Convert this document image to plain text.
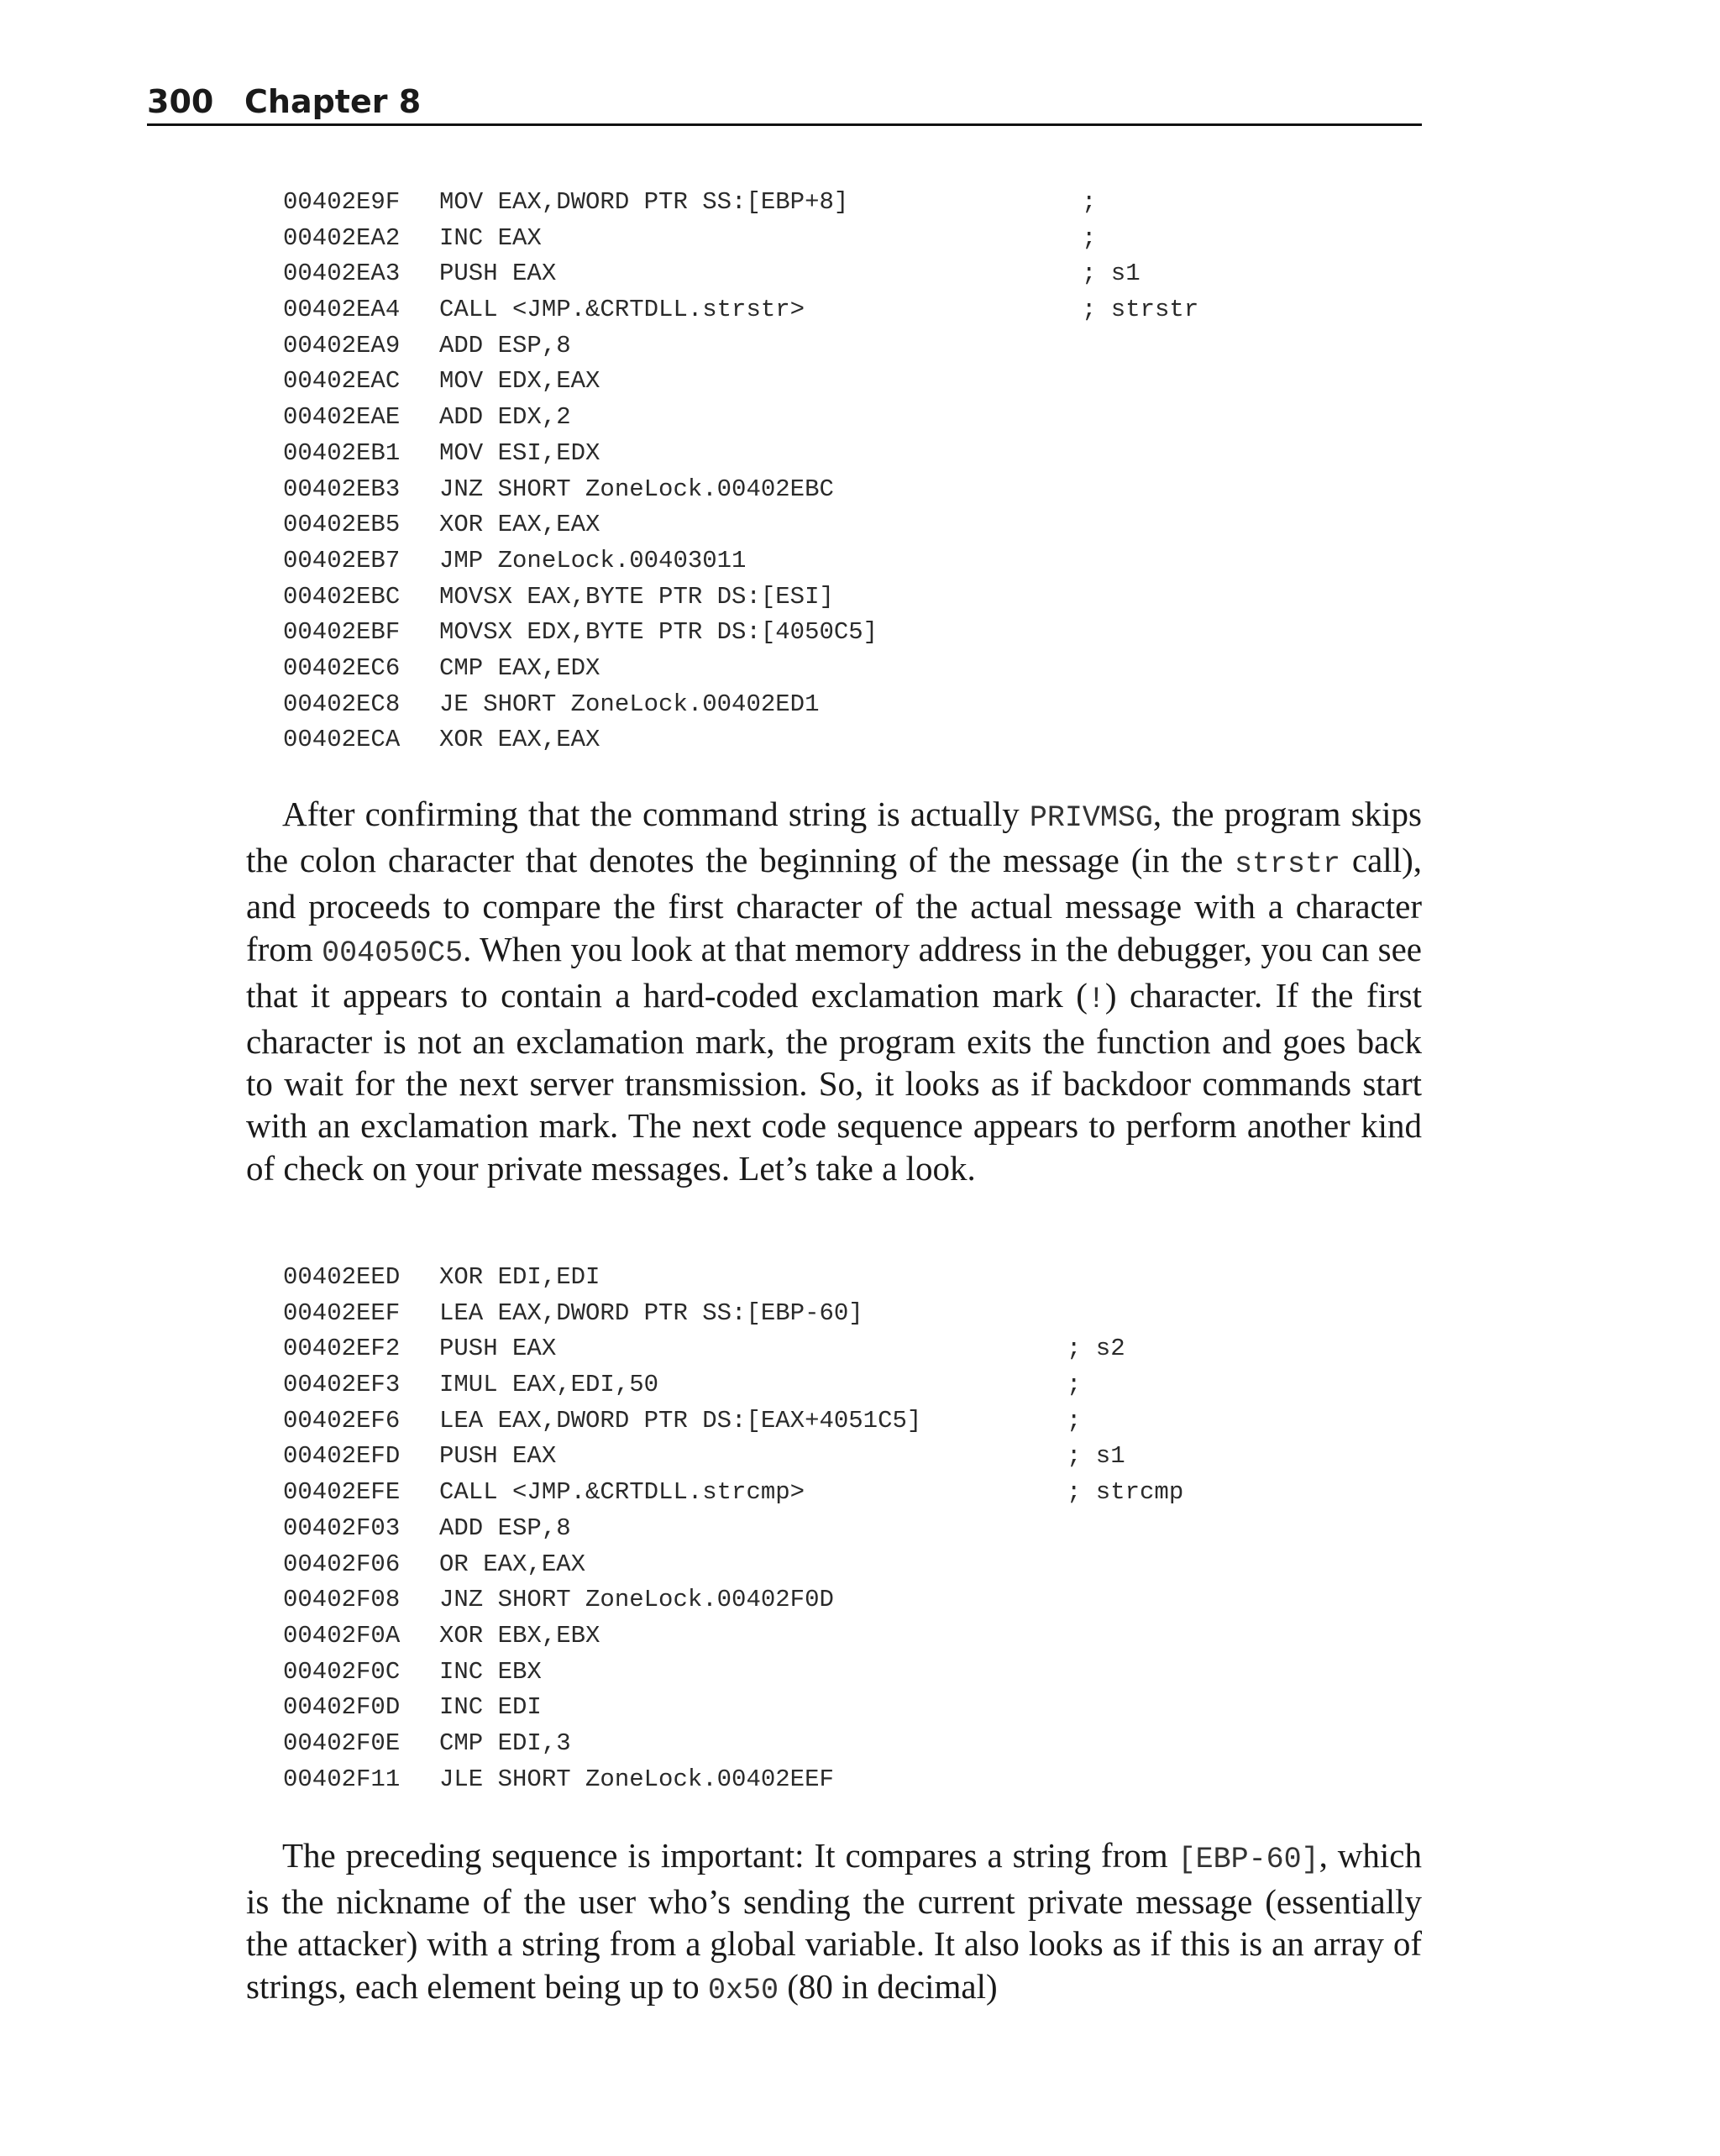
300 Chapter 8
00402E9F MOV EAX,DWORD PTR SS:[EBP+8]	;
00402EA2 INC EAX	;
00402EA3 PUSH EAX	; s1
00402EA4 CALL <JMP.&CRTDLL.strstr>	; strstr
00402EA9 ADD ESP,8
00402EAC MOV EDX,EAX
00402EAE ADD EDX,2
00402EB1 MOV ESI,EDX
00402EB3 JNZ SHORT ZoneLock.00402EBC
00402EB5 XOR EAX,EAX
00402EB7 JMP ZoneLock.00403011
00402EBC MOVSX EAX,BYTE PTR DS:[ESI]
00402EBF MOVSX EDX,BYTE PTR DS:[4050C5]
00402EC6 CMP EAX,EDX
00402EC8 JE SHORT ZoneLock.00402ED1
00402ECA XOR EAX,EAX

After confirming that the command string is actually PRIVMSG, the program skips the colon character that denotes the beginning of the message (in the strstr call), and proceeds to compare the first character of the actual message with a character from 004050C5. When you look at that memory address in the debugger, you can see that it appears to contain a hard-coded exclamation mark (!) character. If the first character is not an exclamation mark, the program exits the function and goes back to wait for the next server transmission. So, it looks as if backdoor commands start with an exclamation mark. The next code sequence appears to perform another kind of check on your private messages. Let’s take a look.

00402EED XOR EDI,EDI
00402EEF LEA EAX,DWORD PTR SS:[EBP-60]
00402EF2 PUSH EAX	; s2
00402EF3 IMUL EAX,EDI,50	;
00402EF6 LEA EAX,DWORD PTR DS:[EAX+4051C5]	;
00402EFD PUSH EAX	; s1
00402EFE CALL <JMP.&CRTDLL.strcmp>	; strcmp
00402F03 ADD ESP,8
00402F06 OR EAX,EAX
00402F08 JNZ SHORT ZoneLock.00402F0D
00402F0A XOR EBX,EBX
00402F0C INC EBX
00402F0D INC EDI
00402F0E CMP EDI,3
00402F11 JLE SHORT ZoneLock.00402EEF

The preceding sequence is important: It compares a string from [EBP-60], which is the nickname of the user who’s sending the current private message (essentially the attacker) with a string from a global variable. It also looks as if this is an array of strings, each element being up to 0x50 (80 in decimal)
